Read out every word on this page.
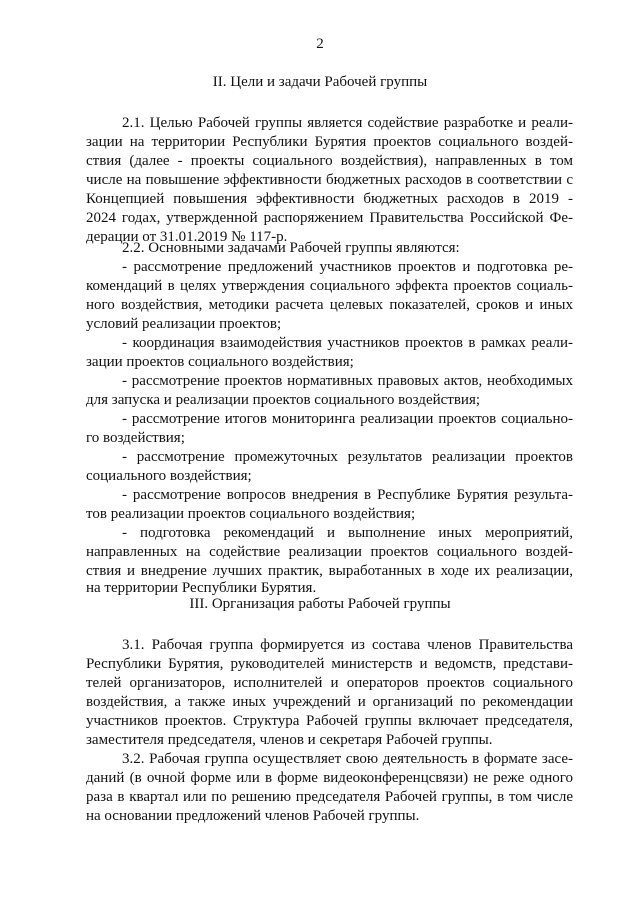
2
II. Цели и задачи Рабочей группы
2.1. Целью Рабочей группы является содействие разработке и реали-
зации на территории Республики Бурятия проектов социального воздей-
ствия (далее - проекты социального воздействия), направленных в том
числе на повышение эффективности бюджетных расходов в соответствии с
Концепцией повышения эффективности бюджетных расходов в 2019 -
2024 годах, утвержденной распоряжением Правительства Российской Фе-
дерации от 31.01.2019 № 117-р.
2.2. Основными задачами Рабочей группы являются:
- рассмотрение предложений участников проектов и подготовка ре-
комендаций в целях утверждения социального эффекта проектов социаль-
ного воздействия, методики расчета целевых показателей, сроков и иных
условий реализации проектов;
- координация взаимодействия участников проектов в рамках реали-
зации проектов социального воздействия;
- рассмотрение проектов нормативных правовых актов, необходимых
для запуска и реализации проектов социального воздействия;
- рассмотрение итогов мониторинга реализации проектов социально-
го воздействия;
- рассмотрение промежуточных результатов реализации проектов
социального воздействия;
- рассмотрение вопросов внедрения в Республике Бурятия результа-
тов реализации проектов социального воздействия;
- подготовка рекомендаций и выполнение иных мероприятий,
направленных на содействие реализации проектов социального воздей-
ствия и внедрение лучших практик, выработанных в ходе их реализации,
на территории Республики Бурятия.
III. Организация работы Рабочей группы
3.1. Рабочая группа формируется из состава членов Правительства
Республики Бурятия, руководителей министерств и ведомств, представи-
телей организаторов, исполнителей и операторов проектов социального
воздействия, а также иных учреждений и организаций по рекомендации
участников проектов. Структура Рабочей группы включает председателя,
заместителя председателя, членов и секретаря Рабочей группы.
3.2. Рабочая группа осуществляет свою деятельность в формате засе-
даний (в очной форме или в форме видеоконференцсвязи) не реже одного
раза в квартал или по решению председателя Рабочей группы, в том числе
на основании предложений членов Рабочей группы.
